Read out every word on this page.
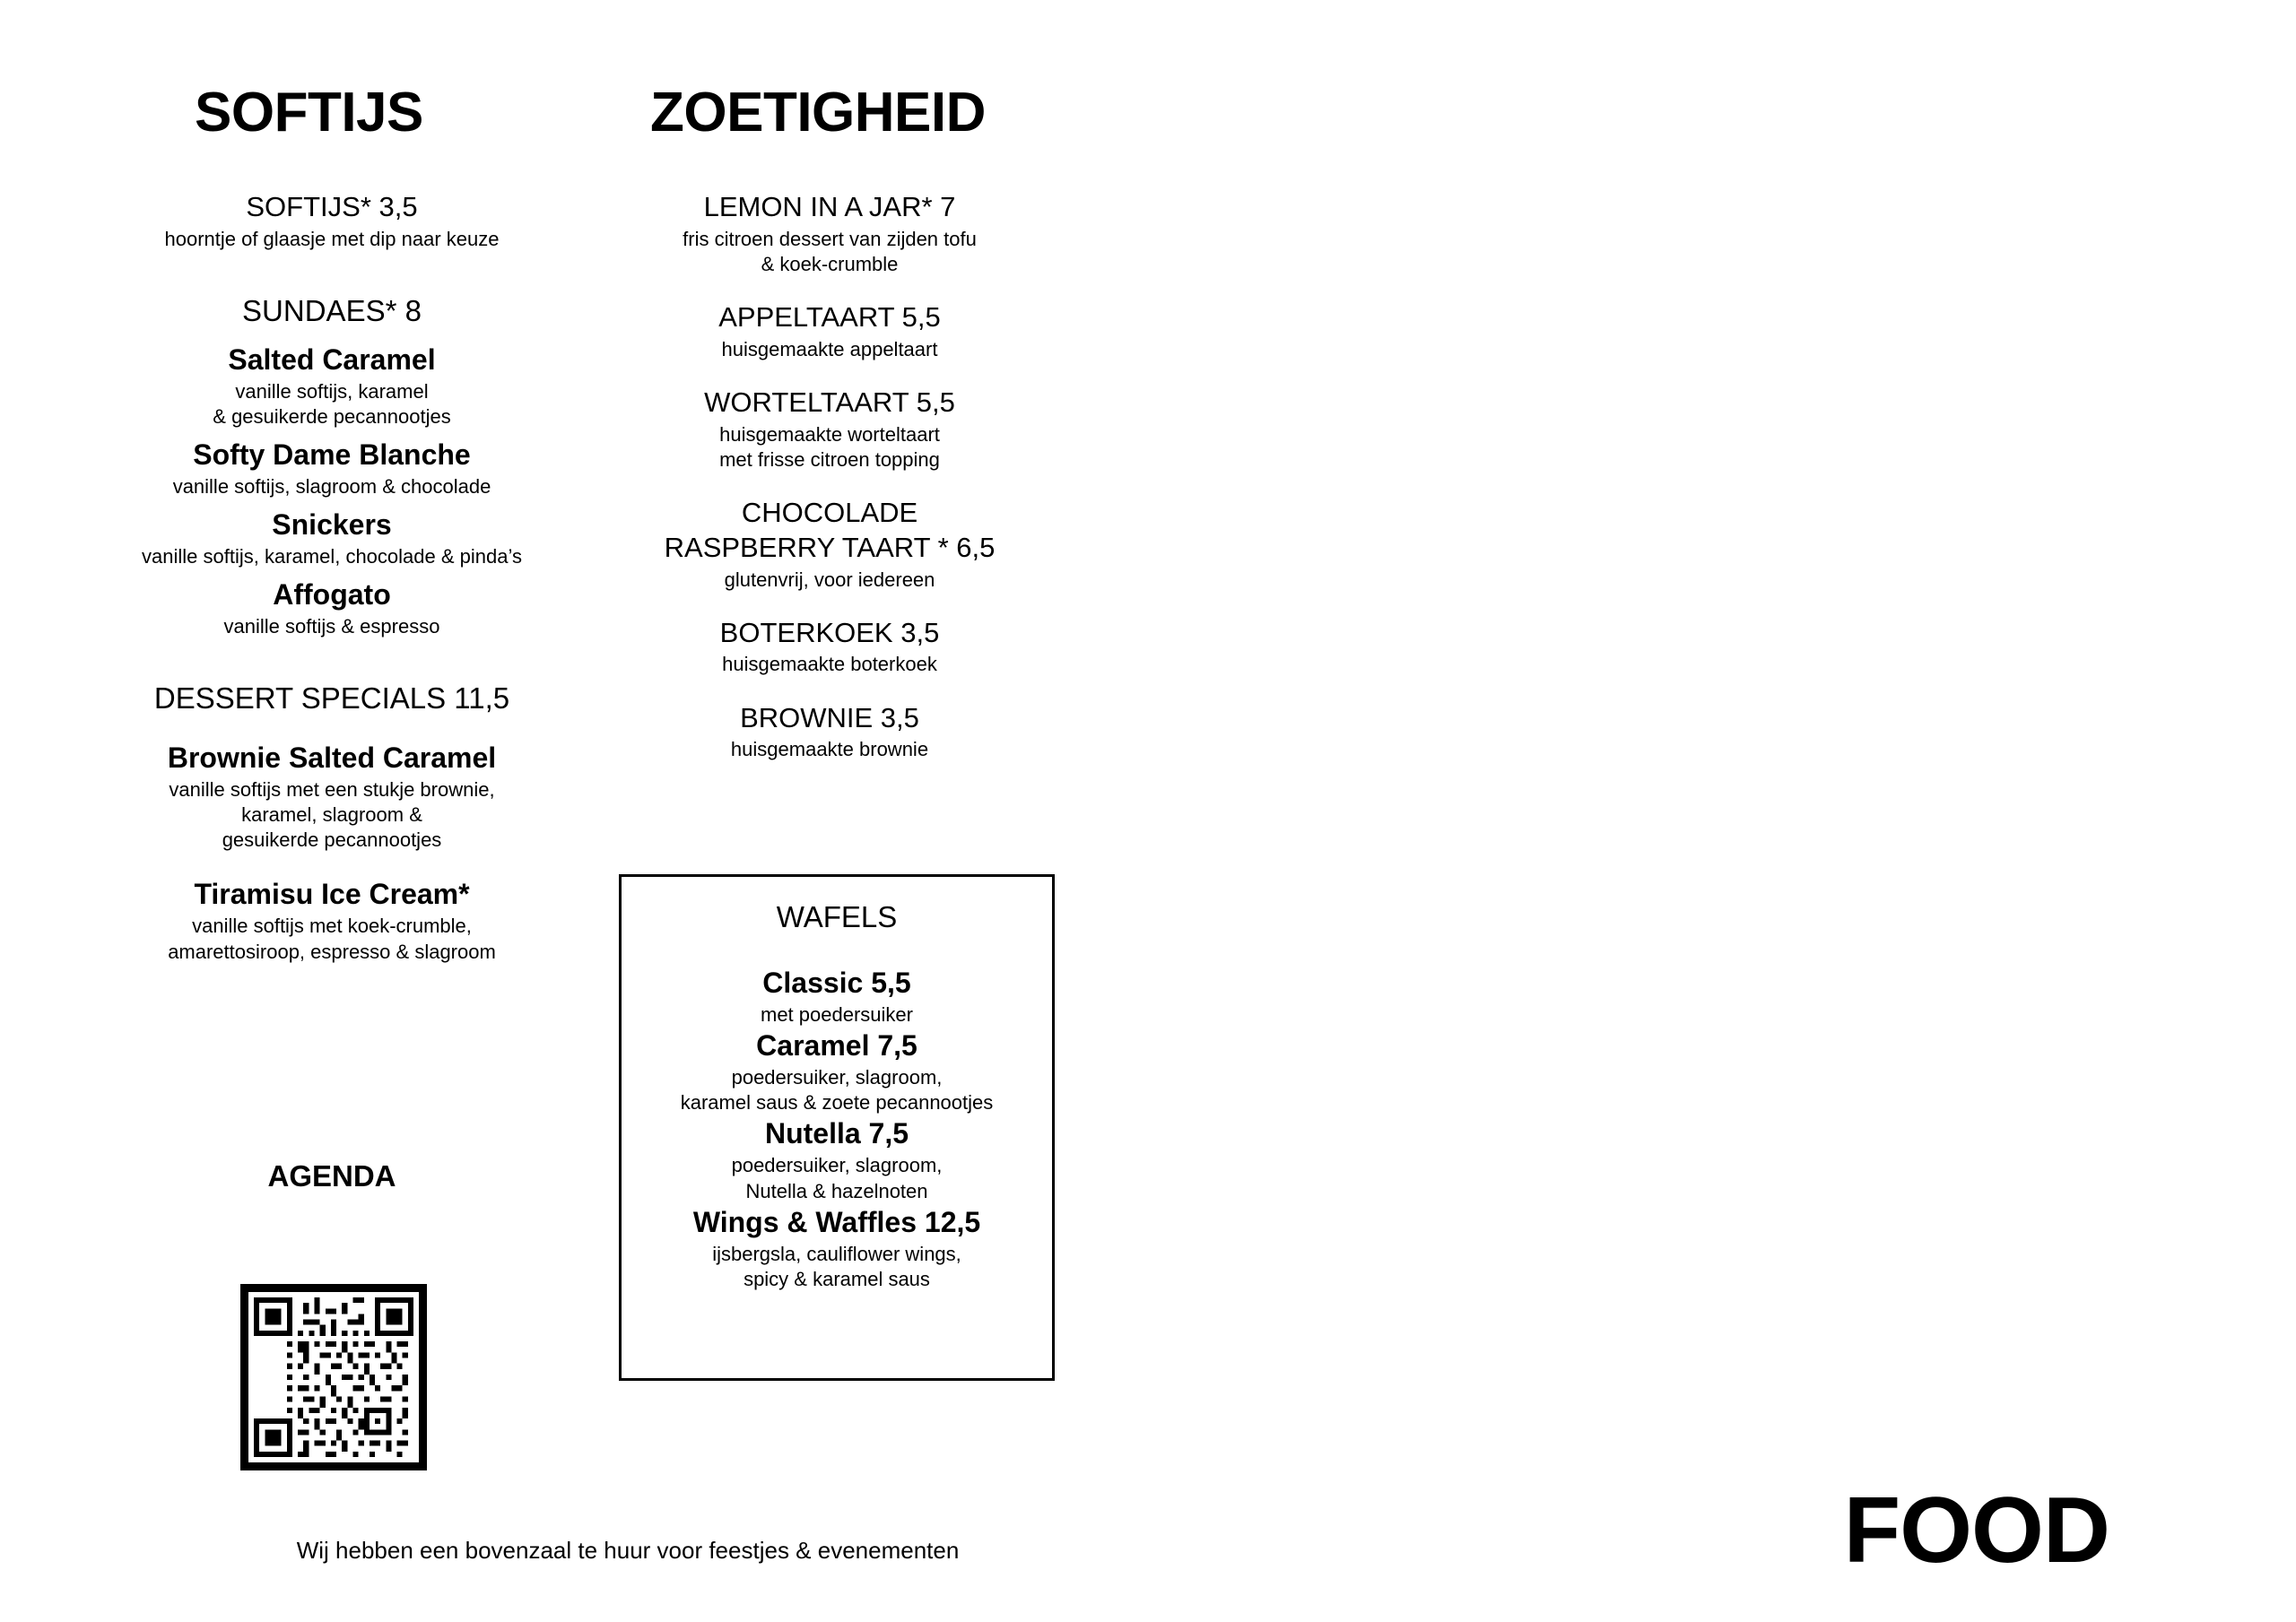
SOFTIJS

SOFTIJS* 3,5

hoorntje of glaasje met dip naar keuze

SUNDAES* 8

Salted Caramel

vanille softijs, karamel
& gesuikerde pecannootjes

Softy Dame Blanche

vanille softijs, slagroom & chocolade

Snickers

vanille softijs, karamel, chocolade & pinda’s

Affogato

vanille softijs & espresso

DESSERT SPECIALS 11,5

Brownie Salted Caramel

vanille softijs met een stukje brownie,
karamel, slagroom &
gesuikerde pecannootjes

Tiramisu Ice Cream*

vanille softijs met koek-crumble,
amarettosiroop, espresso & slagroom

ZOETIGHEID

LEMON IN A JAR* 7

fris citroen dessert van zijden tofu
& koek-crumble

APPELTAART 5,5

huisgemaakte appeltaart

WORTELTAART 5,5

huisgemaakte worteltaart
met frisse citroen topping

CHOCOLADE
RASPBERRY TAART * 6,5

glutenvrij, voor iedereen

BOTERKOEK 3,5

huisgemaakte boterkoek

BROWNIE 3,5

huisgemaakte brownie

WAFELS

Classic 5,5

met poedersuiker

Caramel 7,5

poedersuiker, slagroom,
karamel saus & zoete pecannootjes

Nutella 7,5

poedersuiker, slagroom,
Nutella & hazelnoten

Wings & Waffles 12,5

ijsbergsla, cauliflower wings,
spicy & karamel saus

AGENDA
Wij hebben een bovenzaal te huur voor feestjes & evenementen	FOOD
